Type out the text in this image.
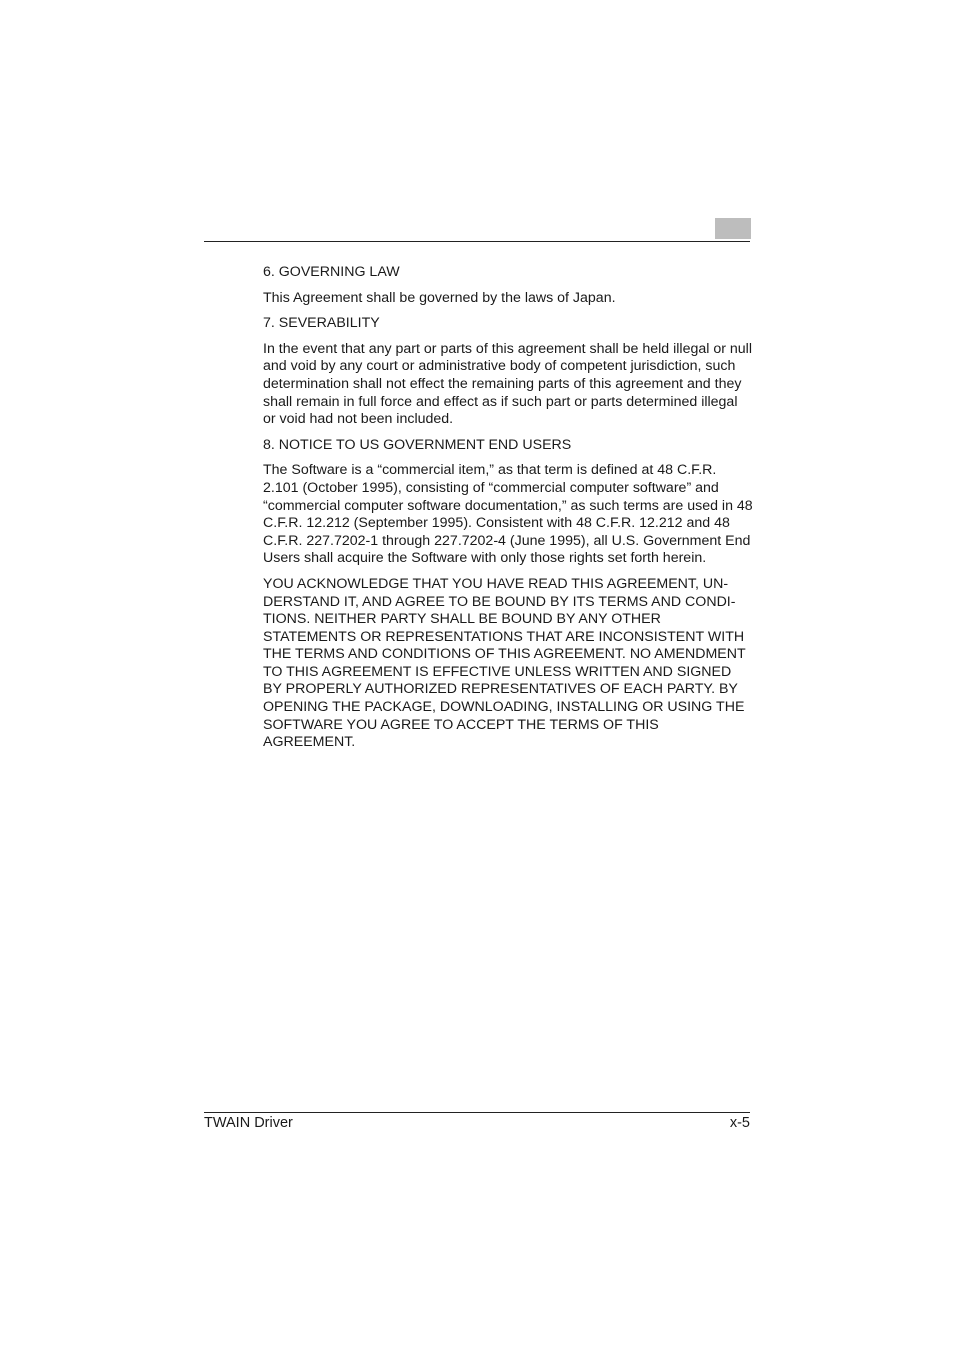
6. GOVERNING LAW

This Agreement shall be governed by the laws of Japan.

7. SEVERABILITY

In the event that any part or parts of this agreement shall be held illegal or null and void by any court or administrative body of competent jurisdiction, such determination shall not effect the remaining parts of this agreement and they shall remain in full force and effect as if such part or parts determined illegal or void had not been included.

8. NOTICE TO US GOVERNMENT END USERS

The Software is a “commercial item,” as that term is defined at 48 C.F.R. 2.101 (October 1995), consisting of “commercial computer software” and “commercial computer software documentation,” as such terms are used in 48 C.F.R. 12.212 (September 1995). Consistent with 48 C.F.R. 12.212 and 48 C.F.R. 227.7202-1 through 227.7202-4 (June 1995), all U.S. Government End Users shall acquire the Software with only those rights set forth herein.

YOU ACKNOWLEDGE THAT YOU HAVE READ THIS AGREEMENT, UNDERSTAND IT, AND AGREE TO BE BOUND BY ITS TERMS AND CONDITIONS. NEITHER PARTY SHALL BE BOUND BY ANY OTHER STATEMENTS OR REPRESENTATIONS THAT ARE INCONSISTENT WITH THE TERMS AND CONDITIONS OF THIS AGREEMENT. NO AMENDMENT TO THIS AGREEMENT IS EFFECTIVE UNLESS WRITTEN AND SIGNED BY PROPERLY AUTHORIZED REPRESENTATIVES OF EACH PARTY. BY OPENING THE PACKAGE, DOWNLOADING, INSTALLING OR USING THE SOFTWARE YOU AGREE TO ACCEPT THE TERMS OF THIS AGREEMENT.

TWAIN Driver	x-5
